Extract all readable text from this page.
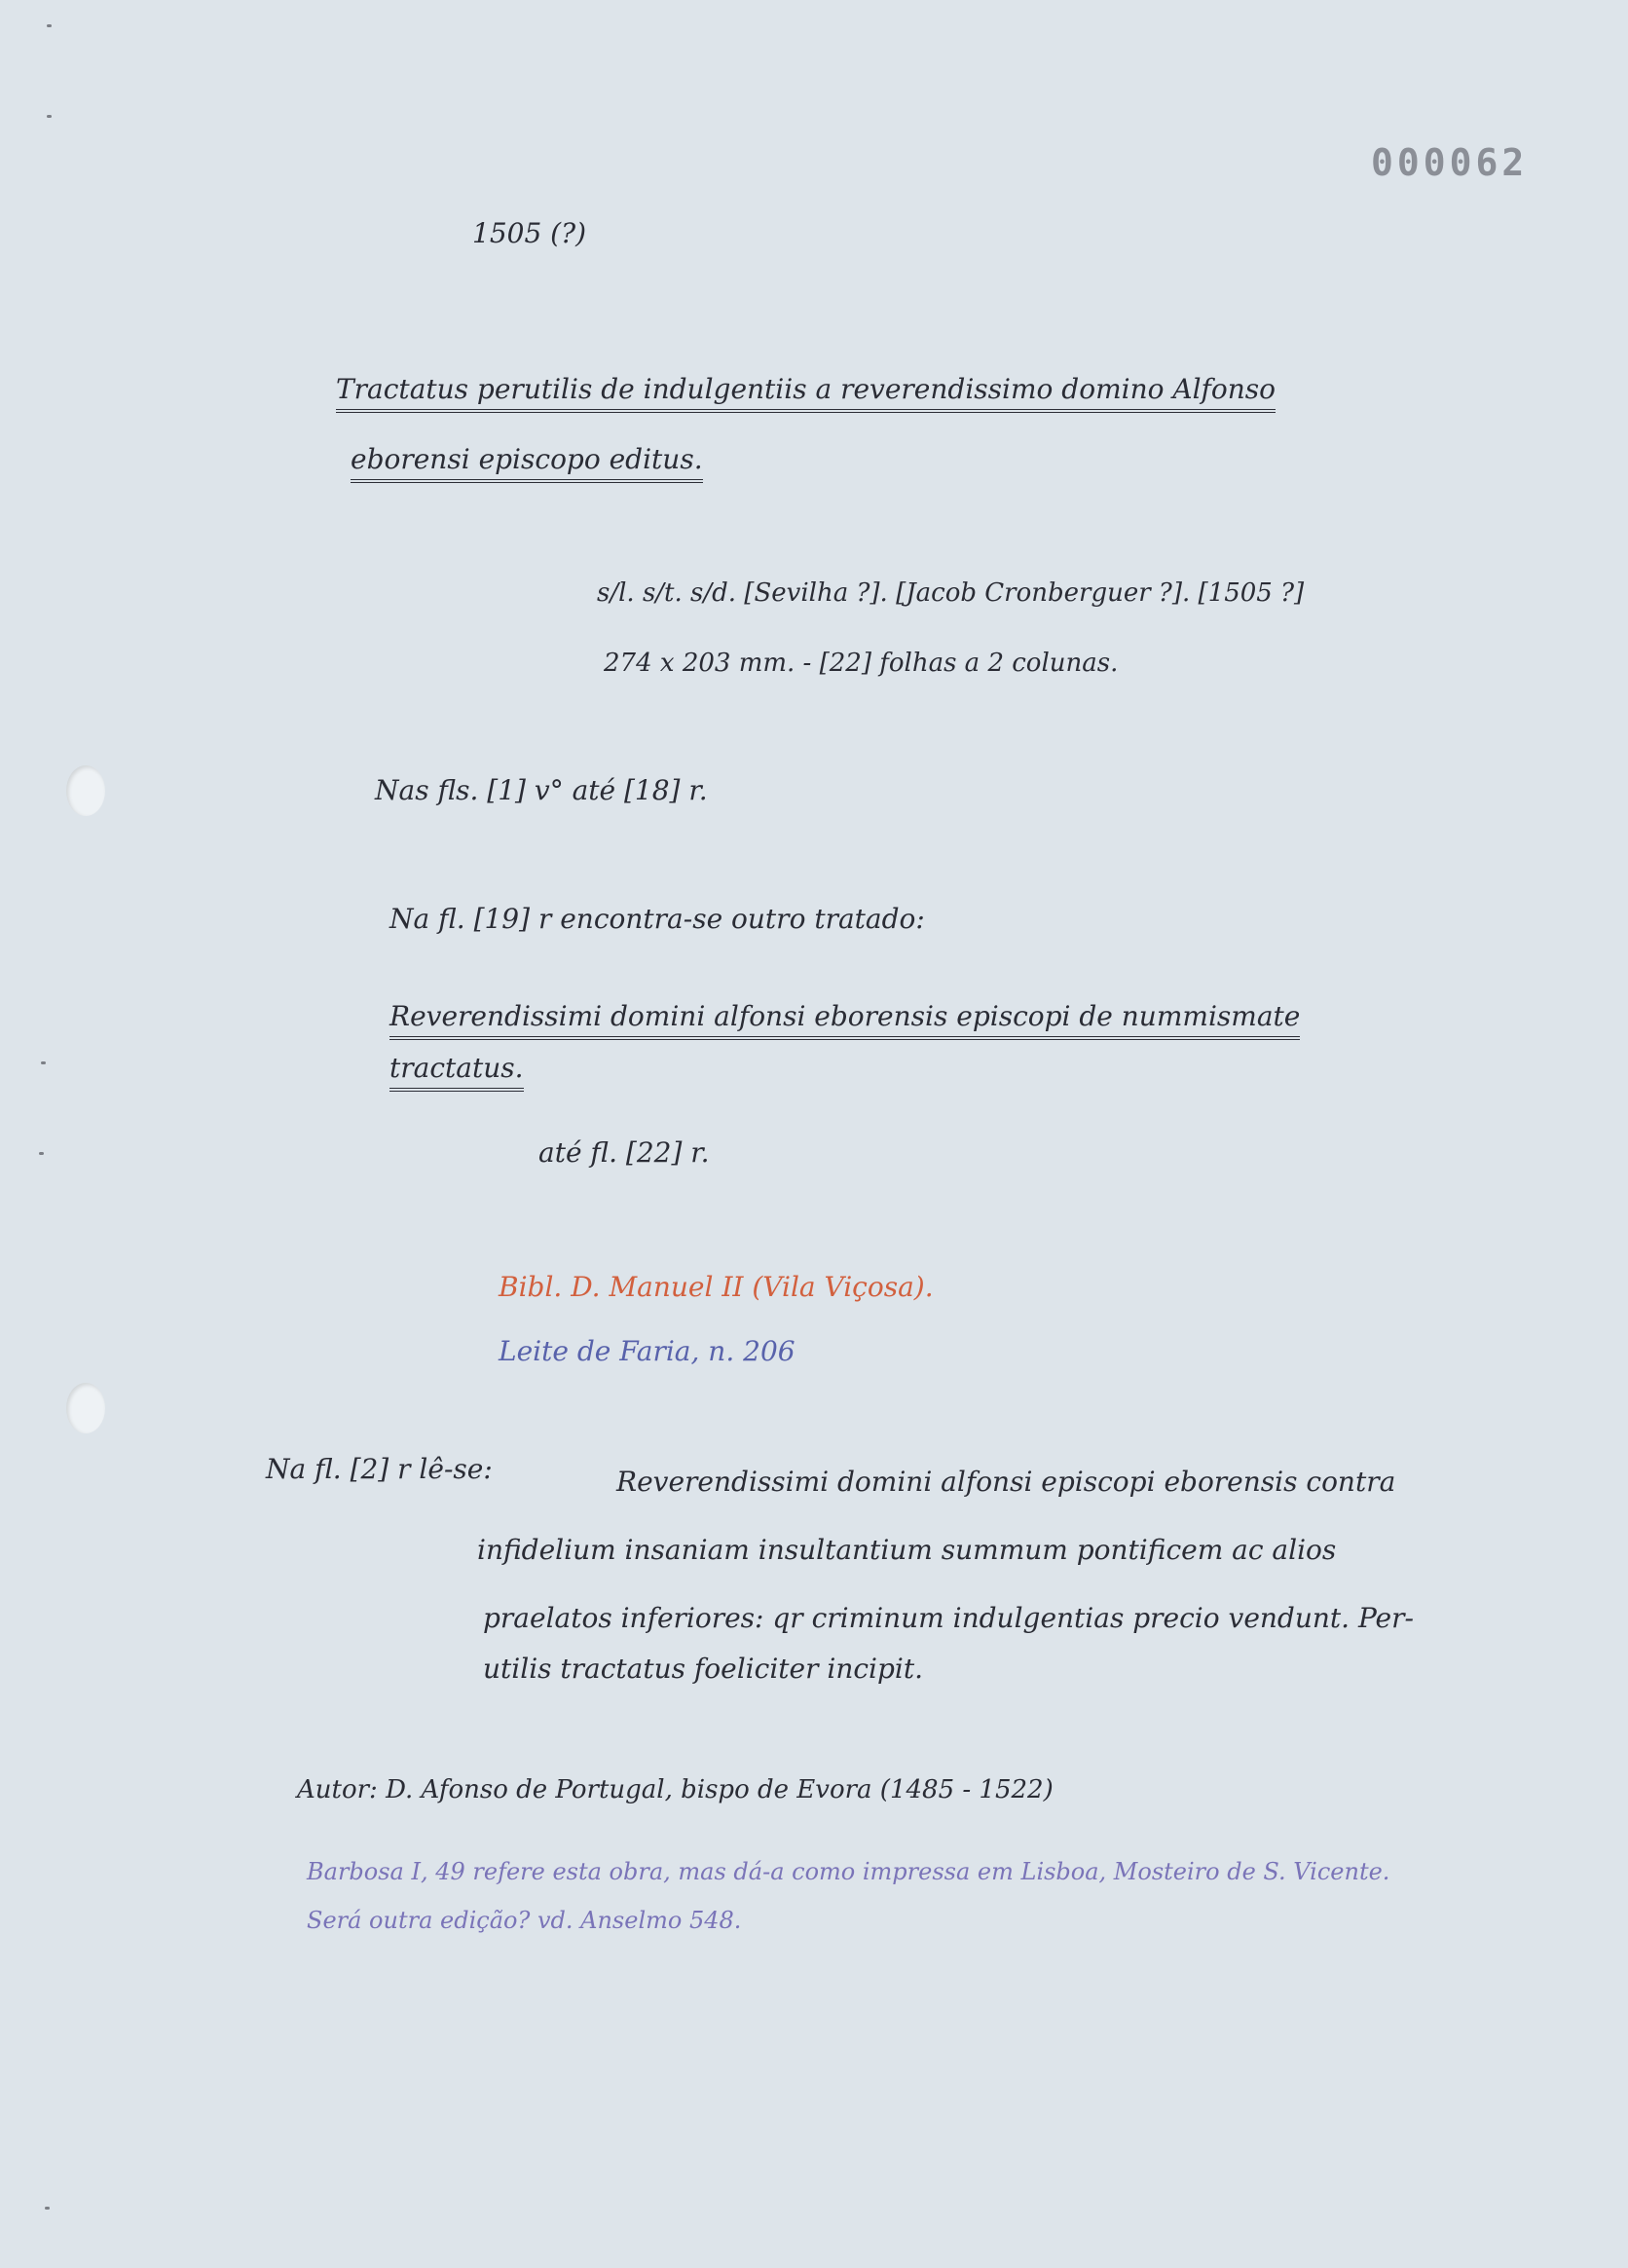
000062
1505 (?)
Tractatus perutilis de indulgentiis a reverendissimo domino Alfonso
eborensi episcopo editus.
s/l. s/t. s/d. [Sevilha ?]. [Jacob Cronberguer ?]. [1505 ?]
274 x 203 mm. - [22] folhas a 2 colunas.
Nas fls. [1] v° até [18] r.
Na fl. [19] r encontra-se outro tratado:
Reverendissimi domini alfonsi eborensis episcopi de nummismate
tractatus.
até fl. [22] r.
Bibl. D. Manuel II (Vila Viçosa).
Leite de Faria, n. 206
Na fl. [2] r lê-se:	Reverendissimi domini alfonsi episcopi eborensis contra
infidelium insaniam insultantium summum pontificem ac alios
praelatos inferiores: qr criminum indulgentias precio vendunt. Per-
utilis tractatus foeliciter incipit.
Autor: D. Afonso de Portugal, bispo de Evora (1485 - 1522)
Barbosa I, 49 refere esta obra, mas dá-a como impressa em Lisboa, Mosteiro de S. Vicente.
Será outra edição? vd. Anselmo 548.
